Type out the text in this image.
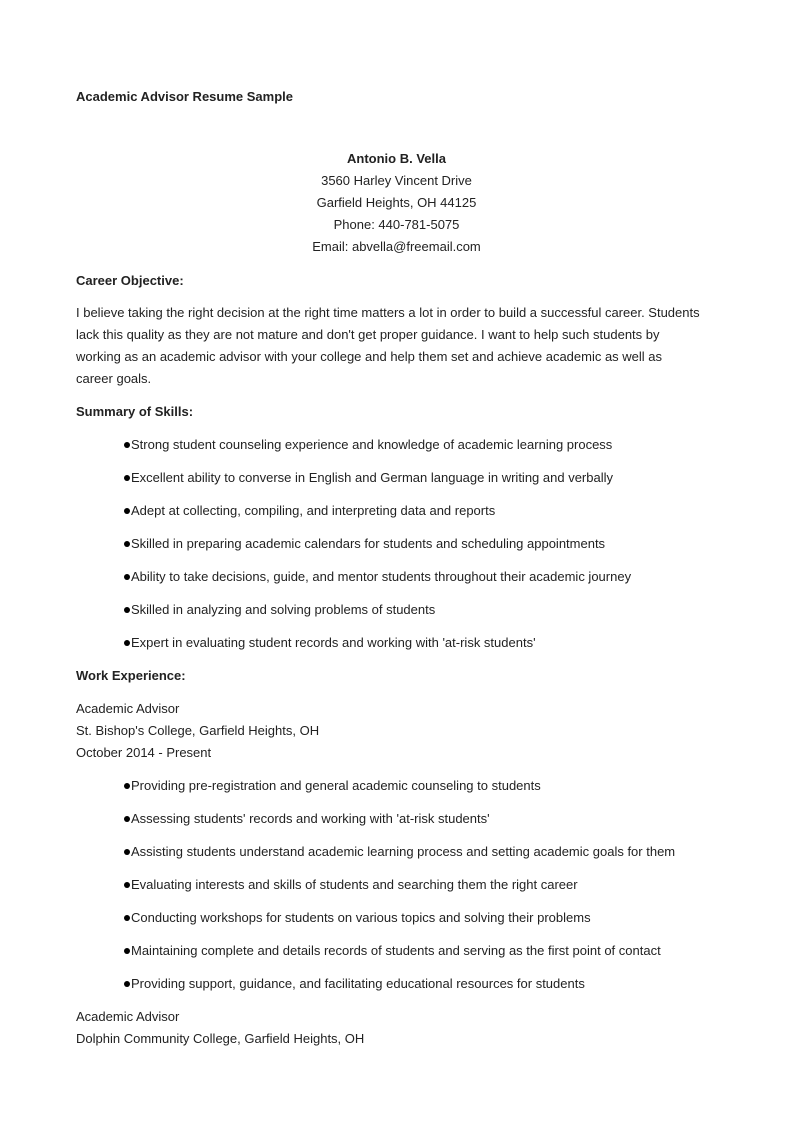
Academic Advisor Resume Sample
Antonio B. Vella
3560 Harley Vincent Drive
Garfield Heights, OH 44125
Phone: 440-781-5075
Email: abvella@freemail.com
Career Objective:
I believe taking the right decision at the right time matters a lot in order to build a successful career. Students
lack this quality as they are not mature and don't get proper guidance. I want to help such students by
working as an academic advisor with your college and help them set and achieve academic as well as
career goals.
Summary of Skills:
Strong student counseling experience and knowledge of academic learning process
Excellent ability to converse in English and German language in writing and verbally
Adept at collecting, compiling, and interpreting data and reports
Skilled in preparing academic calendars for students and scheduling appointments
Ability to take decisions, guide, and mentor students throughout their academic journey
Skilled in analyzing and solving problems of students
Expert in evaluating student records and working with 'at-risk students'
Work Experience:
Academic Advisor
St. Bishop's College, Garfield Heights, OH
October 2014 - Present
Providing pre-registration and general academic counseling to students
Assessing students' records and working with 'at-risk students'
Assisting students understand academic learning process and setting academic goals for them
Evaluating interests and skills of students and searching them the right career
Conducting workshops for students on various topics and solving their problems
Maintaining complete and details records of students and serving as the first point of contact
Providing support, guidance, and facilitating educational resources for students
Academic Advisor
Dolphin Community College, Garfield Heights, OH
